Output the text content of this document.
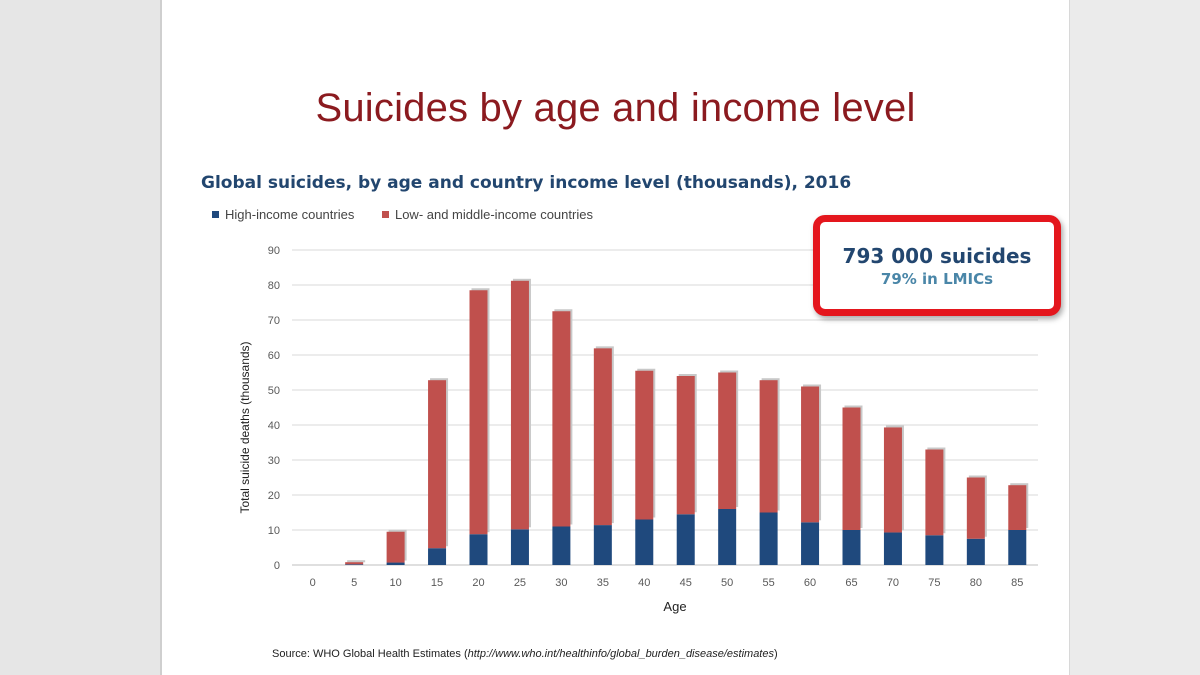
Suicides by age and income level
Global suicides, by age and country income level (thousands), 2016
High-income countries
	Low- and middle-income countries
0
10
20
30
40
50
60
70
80
90
0	5	10	15	20	25	30	35	40	45	50	55	60	65	70	75	80	85
Age
Total suicide deaths (thousands)
793 000 suicides
79% in LMICs
Source: WHO Global Health Estimates (http://www.who.int/healthinfo/global_burden_disease/estimates)
